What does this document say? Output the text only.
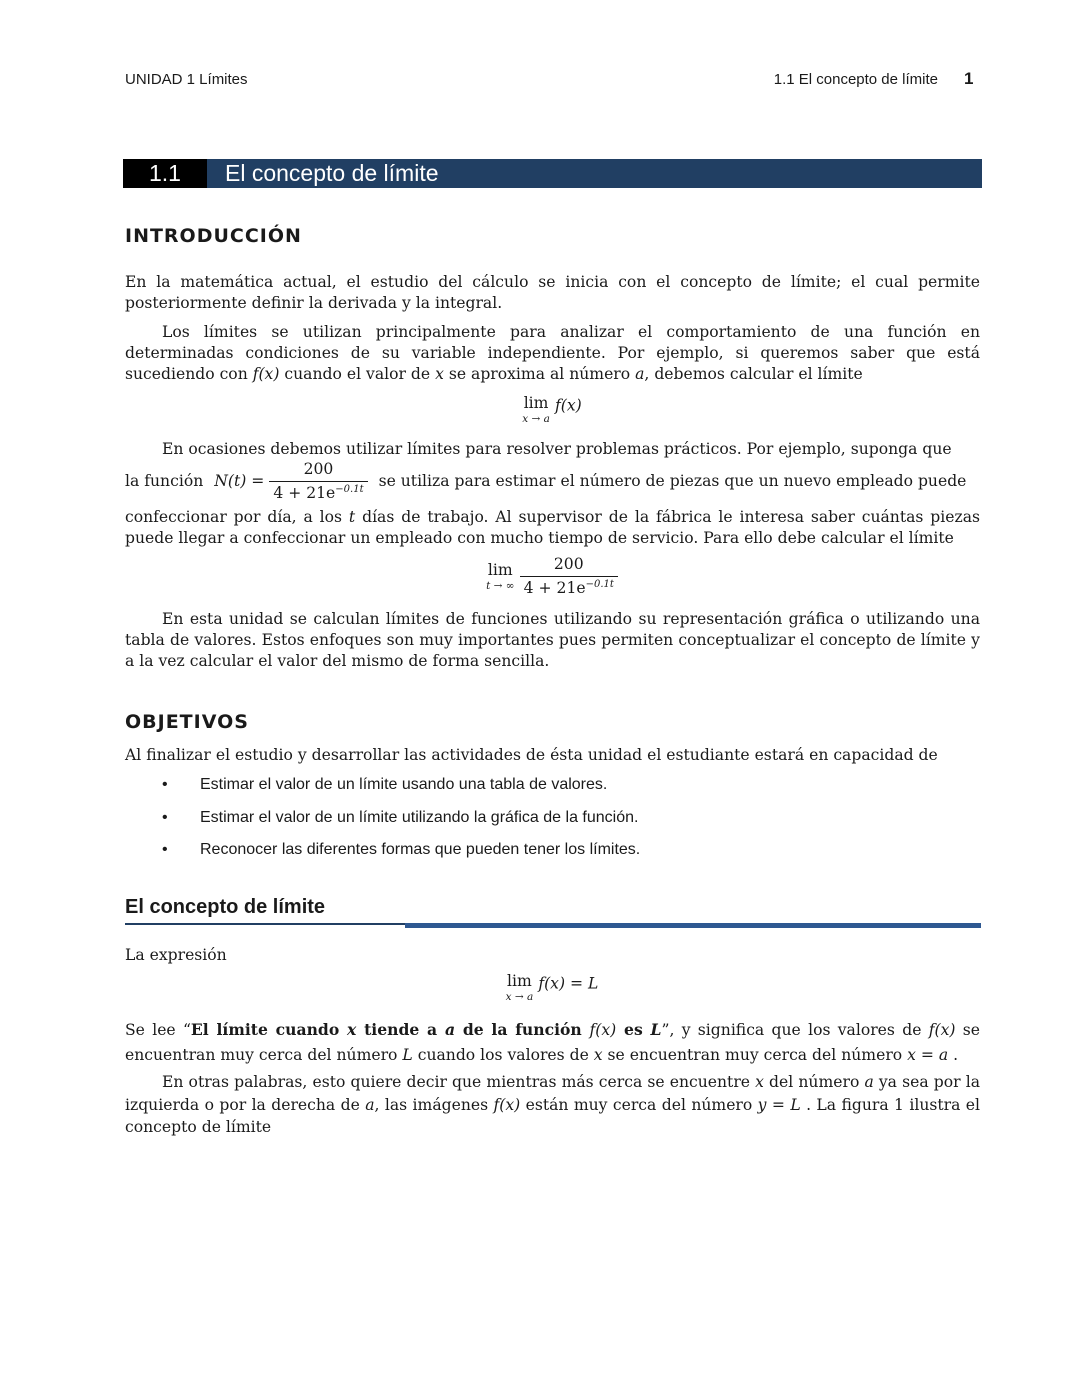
UNIDAD 1 Límites	1.1 El concepto de límite 1
1.1	El concepto de límite
INTRODUCCIÓN
En la matemática actual, el estudio del cálculo se inicia con el concepto de límite; el cual permite posteriormente definir la derivada y la integral.
Los límites se utilizan principalmente para analizar el comportamiento de una función en determinadas condiciones de su variable independiente. Por ejemplo, si queremos saber que está sucediendo con f(x) cuando el valor de x se aproxima al número a, debemos calcular el límite
lim
x → a
f(x)
En ocasiones debemos utilizar límites para resolver problemas prácticos. Por ejemplo, suponga que
la función $N(t) = \frac{200}{4 + 21e^{-0.1t}}$ se utiliza para estimar el número de piezas que un nuevo empleado puede
confeccionar por día, a los t días de trabajo. Al supervisor de la fábrica le interesa saber cuántas piezas puede llegar a confeccionar un empleado con mucho tiempo de servicio. Para ello debe calcular el límite
lim
t → ∞
$\frac{200}{4 + 21e^{-0.1t}}$
En esta unidad se calculan límites de funciones utilizando su representación gráfica o utilizando una tabla de valores. Estos enfoques son muy importantes pues permiten conceptualizar el concepto de límite y a la vez calcular el valor del mismo de forma sencilla.
OBJETIVOS
Al finalizar el estudio y desarrollar las actividades de ésta unidad el estudiante estará en capacidad de
• Estimar el valor de un límite usando una tabla de valores.
• Estimar el valor de un límite utilizando la gráfica de la función.
• Reconocer las diferentes formas que pueden tener los límites.
El concepto de límite
La expresión
lim
x → a
f(x) = L
Se lee “El límite cuando x tiende a a de la función f(x) es L”, y significa que los valores de f(x) se encuentran muy cerca del número L cuando los valores de x se encuentran muy cerca del número x = a .
En otras palabras, esto quiere decir que mientras más cerca se encuentre x del número a ya sea por la izquierda o por la derecha de a, las imágenes f(x) están muy cerca del número y = L . La figura 1 ilustra el concepto de límite
